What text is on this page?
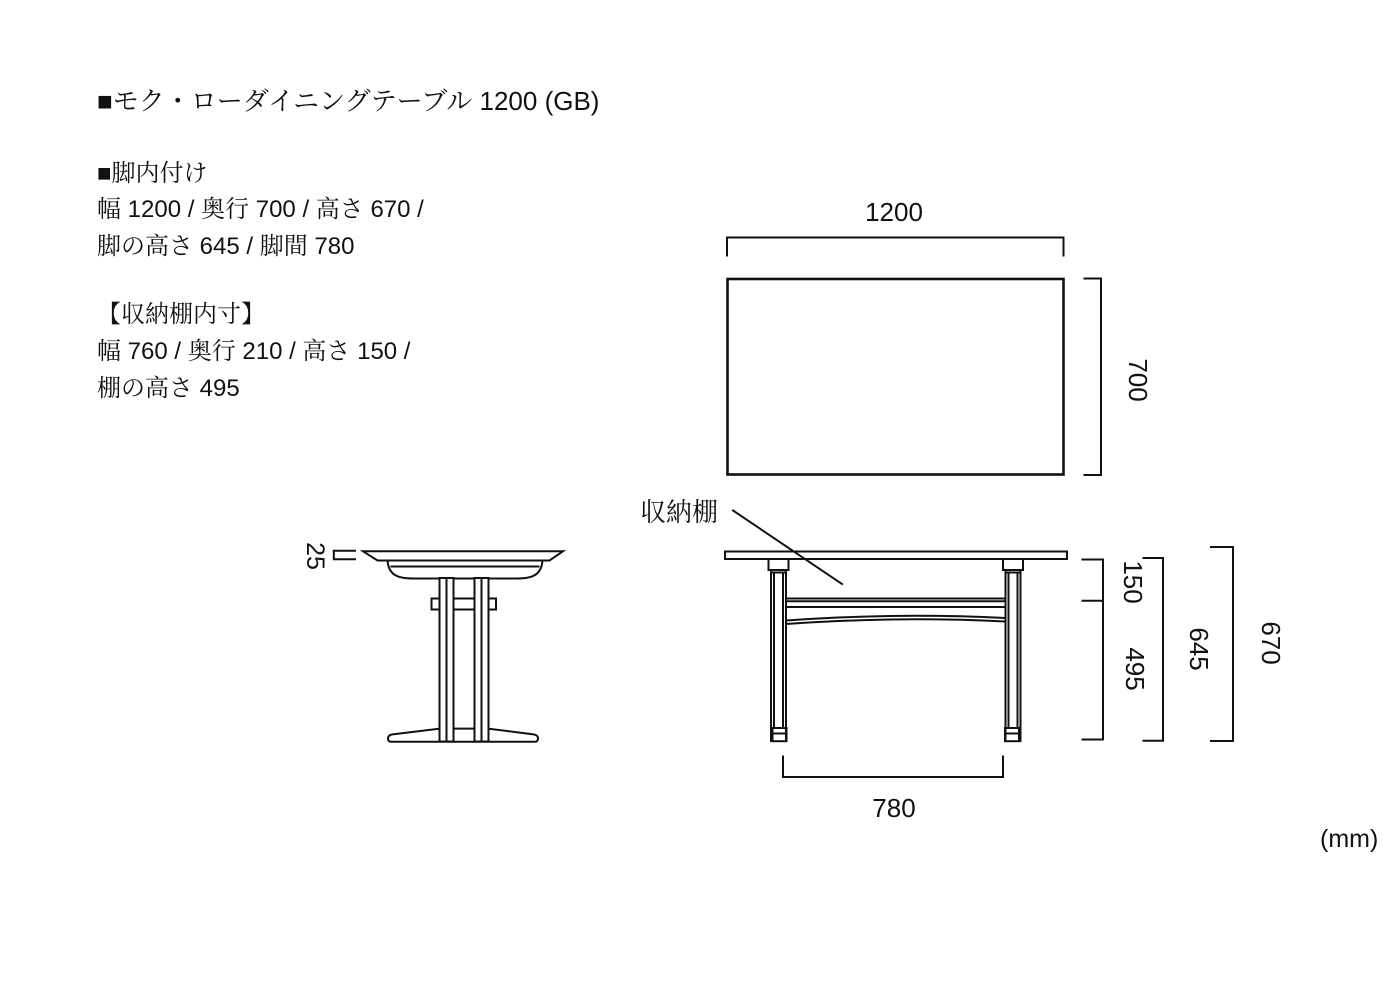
■モク・ローダイニングテーブル 1200 (GB)
■脚内付け
幅 1200 / 奥行 700 / 高さ 670 /
脚の高さ 645 / 脚間 780
【収納棚内寸】
幅 760 / 奥行 210 / 高さ 150 /
棚の高さ 495
(mm)
1200
700
25
150
495 645 670
780
収納棚
